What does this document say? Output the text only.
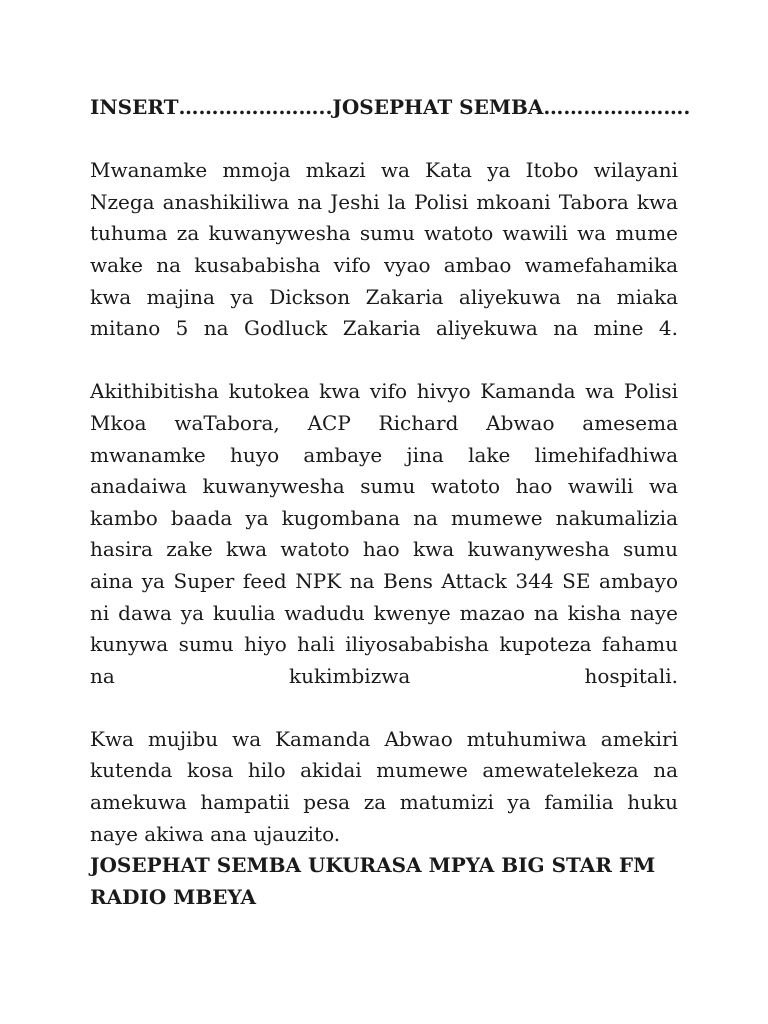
INSERT…………………..JOSEPHAT SEMBA………………….

Mwanamke mmoja mkazi wa Kata ya Itobo wilayani Nzega anashikiliwa na Jeshi la Polisi mkoani Tabora kwa tuhuma za kuwanywesha sumu watoto wawili wa mume wake na kusababisha vifo vyao ambao wamefahamika kwa majina ya Dickson Zakaria aliyekuwa na miaka mitano 5 na Godluck Zakaria aliyekuwa na mine 4.

Akithibitisha kutokea kwa vifo hivyo Kamanda wa Polisi Mkoa waTabora, ACP Richard Abwao amesema mwanamke huyo ambaye jina lake limehifadhiwa anadaiwa kuwanywesha sumu watoto hao wawili wa kambo baada ya kugombana na mumewe nakumalizia hasira zake kwa watoto hao kwa kuwanywesha sumu aina ya Super feed NPK na Bens Attack 344 SE ambayo ni dawa ya kuulia wadudu kwenye mazao na kisha naye kunywa sumu hiyo hali iliyosababisha kupoteza fahamu na kukimbizwa hospitali.

Kwa mujibu wa Kamanda Abwao mtuhumiwa amekiri kutenda kosa hilo akidai mumewe amewatelekeza na amekuwa hampatii pesa za matumizi ya familia huku naye akiwa ana ujauzito.

JOSEPHAT SEMBA UKURASA MPYA BIG STAR FM RADIO MBEYA
